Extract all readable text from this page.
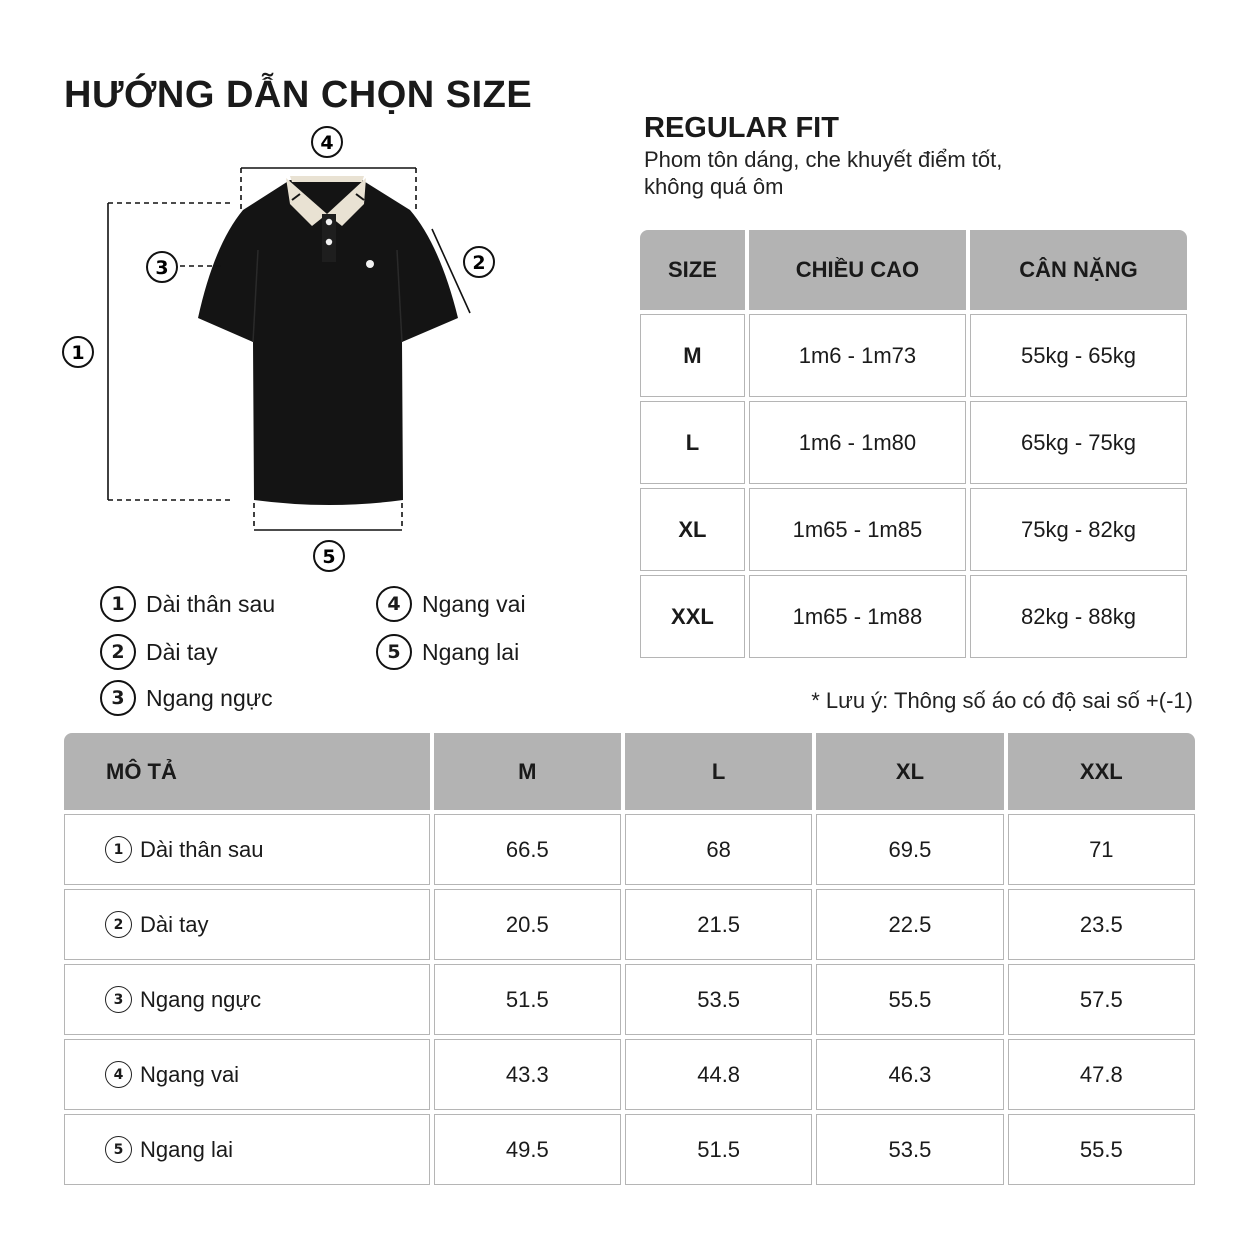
HƯỚNG DẪN CHỌN SIZE
1
2
3
4
5
1 Dài thân sau
2 Dài tay
3 Ngang ngực
4 Ngang vai
5 Ngang lai
REGULAR FIT
Phom tôn dáng, che khuyết điểm tốt,
không quá ôm
SIZE	CHIỀU CAO	CÂN NẶNG
M	1m6 - 1m73	55kg - 65kg
L	1m6 - 1m80	65kg - 75kg
XL	1m65 - 1m85	75kg - 82kg
XXL	1m65 - 1m88	82kg - 88kg
* Lưu ý: Thông số áo có độ sai số +(-1)
MÔ TẢ	M	L	XL	XXL

1 Dài thân sau	66.5	68	69.5	71

2 Dài tay	20.5	21.5	22.5	23.5

3 Ngang ngực	51.5	53.5	55.5	57.5

4 Ngang vai	43.3	44.8	46.3	47.8

5 Ngang lai	49.5	51.5	53.5	55.5
